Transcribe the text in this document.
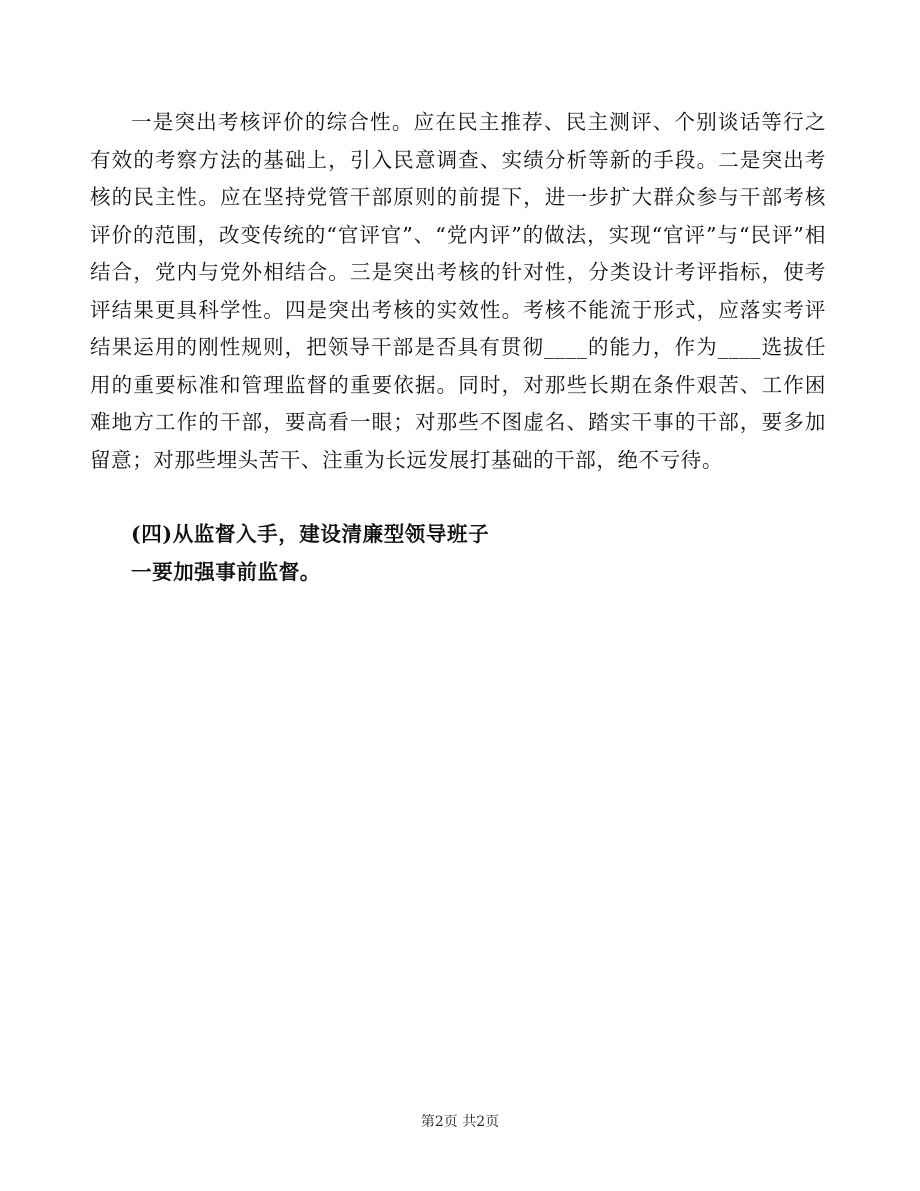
一是突出考核评价的综合性。应在民主推荐、民主测评、个别谈话等行之有效的考察方法的基础上，引入民意调查、实绩分析等新的手段。二是突出考核的民主性。应在坚持党管干部原则的前提下，进一步扩大群众参与干部考核评价的范围，改变传统的“官评官”、“党内评”的做法，实现“官评”与“民评”相结合，党内与党外相结合。三是突出考核的针对性，分类设计考评指标，使考评结果更具科学性。四是突出考核的实效性。考核不能流于形式，应落实考评结果运用的刚性规则，把领导干部是否具有贯彻____的能力，作为____选拔任用的重要标准和管理监督的重要依据。同时，对那些长期在条件艰苦、工作困难地方工作的干部，要高看一眼；对那些不图虚名、踏实干事的干部，要多加留意；对那些埋头苦干、注重为长远发展打基础的干部，绝不亏待。

(四)从监督入手，建设清廉型领导班子

一要加强事前监督。

第2页 共2页
